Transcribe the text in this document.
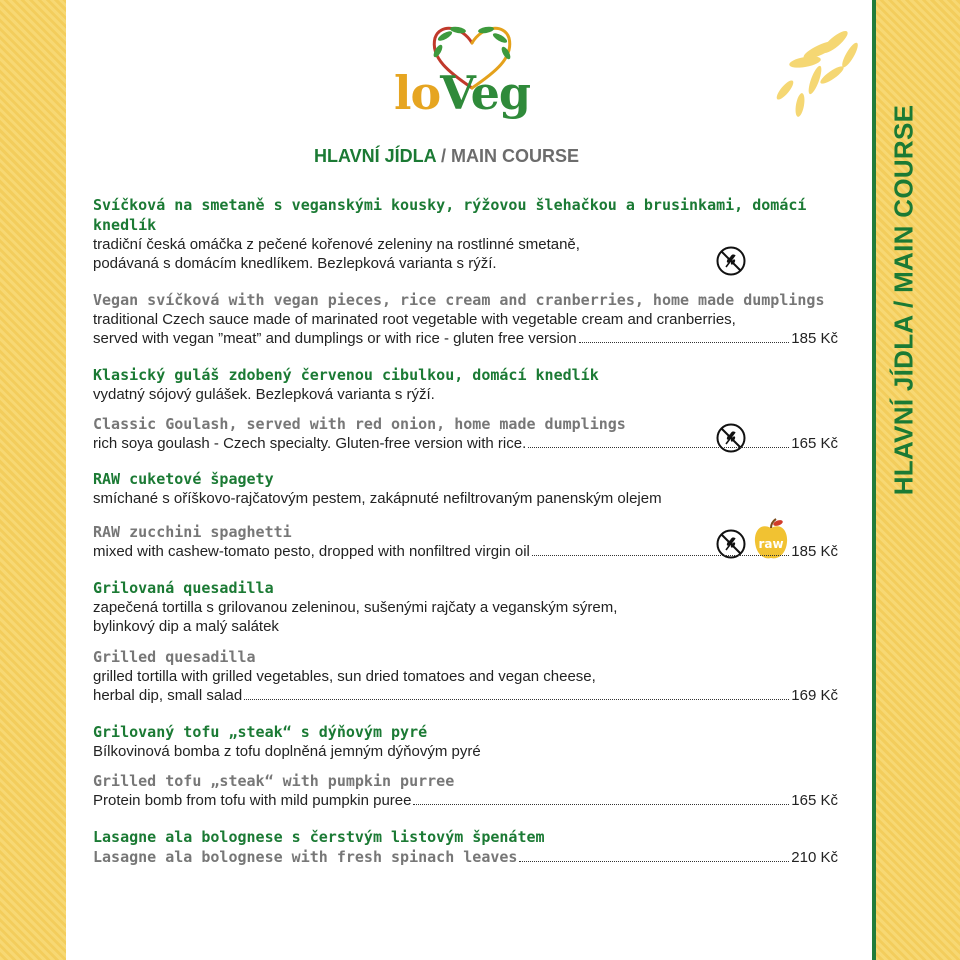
HLAVNÍ JÍDLA / MAIN COURSE
loVeg
HLAVNÍ JÍDLA / MAIN COURSE
raw
Svíčková na smetaně s veganskými kousky, rýžovou šlehačkou a brusinkami, domácí knedlík
tradiční česká omáčka z pečené kořenové zeleniny na rostlinné smetaně,
podávaná s domácím knedlíkem. Bezlepková varianta s rýží.
Vegan svíčková with vegan pieces, rice cream and cranberries, home made dumplings
traditional Czech sauce made of marinated root vegetable with vegetable cream and cranberries,
served with vegan ”meat” and dumplings or with rice - gluten free version	185 Kč
Klasický guláš zdobený červenou cibulkou, domácí knedlík
vydatný sójový gulášek. Bezlepková varianta s rýží.
Classic Goulash, served with red onion, home made dumplings
rich soya goulash - Czech specialty. Gluten-free version with rice.	165 Kč
RAW cuketové špagety
smíchané s oříškovo-rajčatovým pestem, zakápnuté nefiltrovaným panenským olejem
RAW zucchini spaghetti
mixed with cashew-tomato pesto, dropped with nonfiltred virgin oil	185 Kč
Grilovaná quesadilla
zapečená tortilla s grilovanou zeleninou, sušenými rajčaty a veganským sýrem,
bylinkový dip a malý salátek
Grilled quesadilla
grilled tortilla with grilled vegetables, sun dried tomatoes and vegan cheese,
herbal dip, small salad	169 Kč
Grilovaný tofu „steak“ s dýňovým pyré
Bílkovinová bomba z tofu doplněná jemným dýňovým pyré
Grilled tofu „steak“ with pumpkin purree
Protein bomb from tofu with mild pumpkin puree	165 Kč
Lasagne ala bolognese s čerstvým listovým špenátem
Lasagne ala bolognese with fresh spinach leaves	210 Kč
